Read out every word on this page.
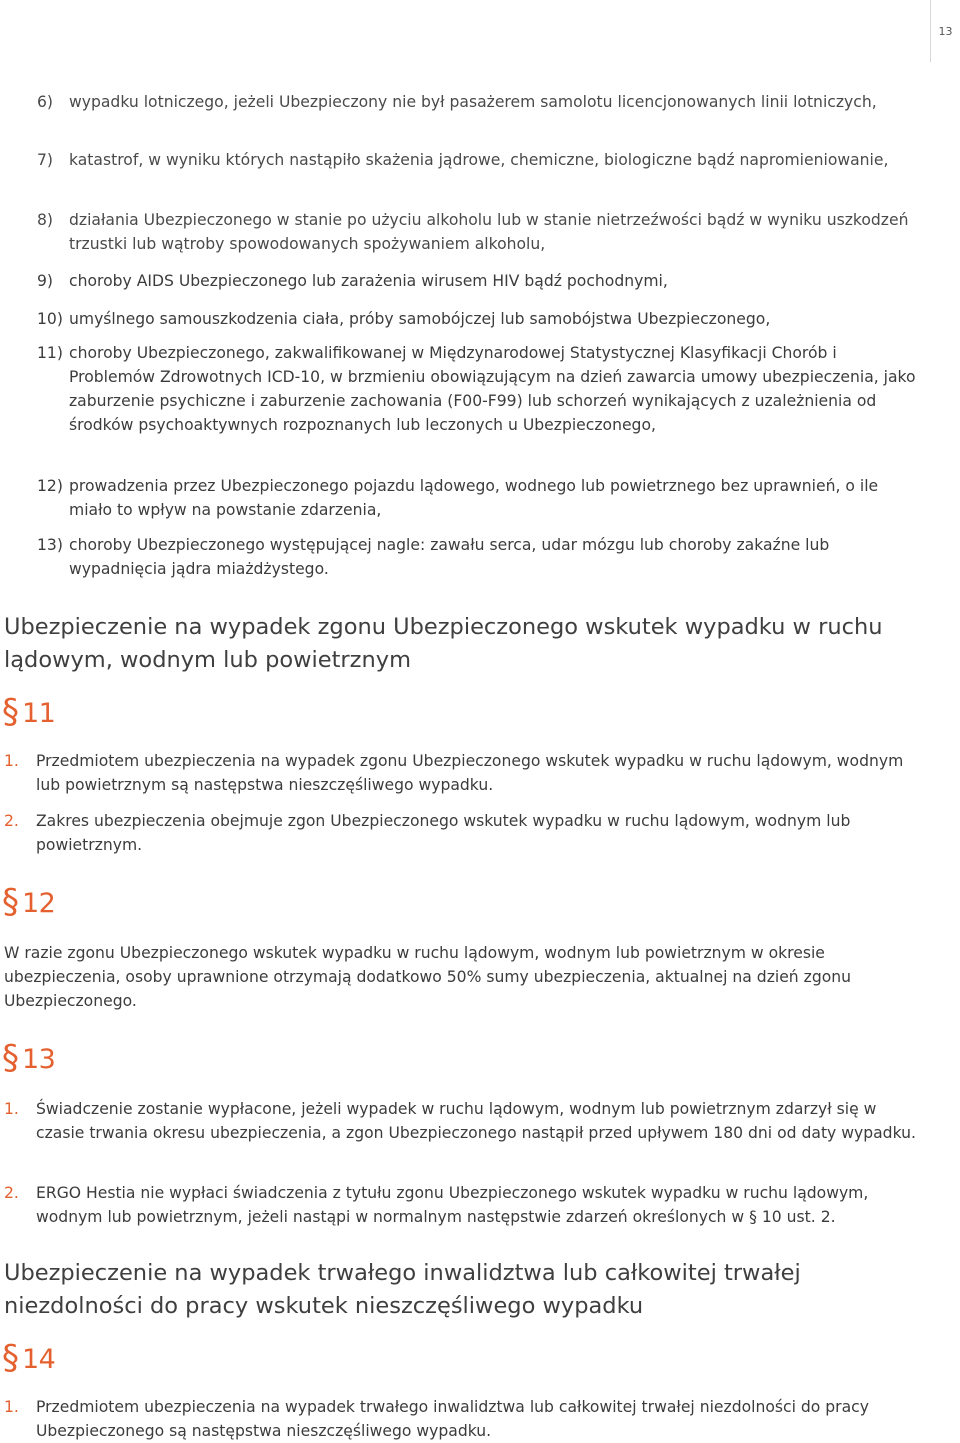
13
6)	wypadku lotniczego, jeżeli Ubezpieczony nie był pasażerem samolotu licencjonowanych linii lotniczych,
7)	katastrof, w wyniku których nastąpiło skażenia jądrowe, chemiczne, biologiczne bądź napromieniowanie,
8)	działania Ubezpieczonego w stanie po użyciu alkoholu lub w stanie nietrzeźwości bądź w wyniku uszkodzeń trzustki lub wątroby spowodowanych spożywaniem alkoholu,
9)	choroby AIDS Ubezpieczonego lub zarażenia wirusem HIV bądź pochodnymi,
10) umyślnego samouszkodzenia ciała, próby samobójczej lub samobójstwa Ubezpieczonego,
11) choroby Ubezpieczonego, zakwalifikowanej w Międzynarodowej Statystycznej Klasyfikacji Chorób i Problemów Zdrowotnych ICD-10, w brzmieniu obowiązującym na dzień zawarcia umowy ubezpieczenia, jako zaburzenie psychiczne i zaburzenie zachowania (F00-F99) lub schorzeń wynikających z uzależnienia od środków psychoaktywnych rozpoznanych lub leczonych u Ubezpieczonego,
12) prowadzenia przez Ubezpieczonego pojazdu lądowego, wodnego lub powietrznego bez uprawnień, o ile miało to wpływ na powstanie zdarzenia,
13) choroby Ubezpieczonego występującej nagle: zawału serca, udar mózgu lub choroby zakaźne lub wypadnięcia jądra miażdżystego.
Ubezpieczenie na wypadek zgonu Ubezpieczonego wskutek wypadku w ruchu lądowym, wodnym lub powietrznym
§ 11
1.	Przedmiotem ubezpieczenia na wypadek zgonu Ubezpieczonego wskutek wypadku w ruchu lądowym, wodnym lub powietrznym są następstwa nieszczęśliwego wypadku.
2.	Zakres ubezpieczenia obejmuje zgon Ubezpieczonego wskutek wypadku w ruchu lądowym, wodnym lub powietrznym.
§ 12
W razie zgonu Ubezpieczonego wskutek wypadku w ruchu lądowym, wodnym lub powietrznym w okresie ubezpieczenia, osoby uprawnione otrzymają dodatkowo 50% sumy ubezpieczenia, aktualnej na dzień zgonu Ubezpieczonego.
§ 13
1.	Świadczenie zostanie wypłacone, jeżeli wypadek w ruchu lądowym, wodnym lub powietrznym zdarzył się w czasie trwania okresu ubezpieczenia, a zgon Ubezpieczonego nastąpił przed upływem 180 dni od daty wypadku.
2.	ERGO Hestia nie wypłaci świadczenia z tytułu zgonu Ubezpieczonego wskutek wypadku w ruchu lądowym, wodnym lub powietrznym, jeżeli nastąpi w normalnym następstwie zdarzeń określonych w § 10 ust. 2.
Ubezpieczenie na wypadek trwałego inwalidztwa lub całkowitej trwałej niezdolności do pracy wskutek nieszczęśliwego wypadku
§ 14
1.	Przedmiotem ubezpieczenia na wypadek trwałego inwalidztwa lub całkowitej trwałej niezdolności do pracy Ubezpieczonego są następstwa nieszczęśliwego wypadku.
